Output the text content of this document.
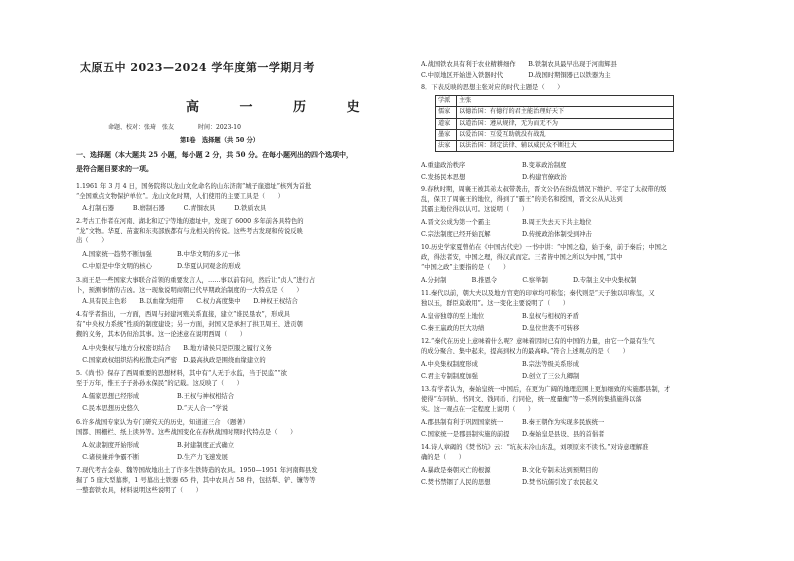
太原五中 2023—2024 学年度第一学期月考
高 一 历 史
命题、校对：张琦　张友　　　　时间：2023-10
第Ⅰ卷　选择题（共 50 分）
一、选择题（本大题共 25 小题，每小题 2 分，共 50 分。在每小题列出的四个选项中，
是符合题目要求的一项。
1.1961 年 3 月 4 日，国务院将以龙山文化命名的山东济南“城子崖遗址”核列为首批
“全国重点文物保护单位”。龙山文化时期，人们使用的主要工具是（　　）
　A.打制石器　　　B.磨制石器　　　C.青铜农具　　　D.铁质农具
2.考古工作者在河南、湖北和辽宁等地的遗址中，发现了 6000 多年前各具特色的
“龙”文物。华夏、苗蛮和东夷部族都有与龙相关的传说。这些考古发现和传说反映
出（　　）
　A.国家统一趋势不断加强　　　　B.中华文明的多元一体
　C.中原是中华文明的核心　　　　D.华夏认同观念的形成
3.商王是一些国家大事联合首领的重要发言人，……事以前有问，然后让“贞人”进行占
卜，预测事情的吉凶。这一现象说明商朝已代早期政治制度的一大特点是（　　）
　A.具有民主色彩　　B.以血缘为纽带　　C.权力高度集中　　D.神权王权结合
4.有学者指出，一方面，西周与封建河殖关系直接，建立“谁民垦农”，形成具
有“中央权力系统”性质的制度建设；另一方面，封国又是承担了拱卫周王、进贡朝
觐的义务，其本仍但治其事。这一论述意在说明西周（　　）
　A.中央集权与地方分权密切结合　　B.地方诸侯只是臣服之履行义务
　C.国家政权组织结构松散走向严密　D.最高执政是围绕血缘建立的
5.《尚书》保存了西周重要的思想材料，其中有“人无于水监，当于民监”“欲
至于万年，惟王子子孙孙永保民”的记载。这反映了（　　）
　A.儒家思想已经形成　　　　　　B.王权与神权相结合
　C.民本思想历史悠久　　　　　　D.“天人合一”学说
6.许多战国专家认为专门研究天的历史，知道道三合　（题著）
国都、围栅栏、纸上读异等。这些战国变化在春秋战国时期时代特点是（　　）
　A.奴隶制度开始形成　　　　　　B.封建制度正式确立
　C.诸侯兼并争霸不断　　　　　　D.生产力飞速发展
7.现代考古金泰、魏等国故地出土了许多生铁铸造的农具。1950—1951 年河南辉县发
掘了 5 座大型墓葬，1 号墓出土铁器 65 件，其中农具占 58 件，包括犁、铲、镰等等
一整套铁农具，材料说明这些说明了（　　）
A.战国铁农具有利于农业精耕细作　　B.铁制农具最早出现于河南辉县
C.中原地区开始进入铁器时代　　　　D.战国时期铜器已以铁器为主
8．下表反映的思想主张对应的时代主题是（　　）
学派	主张
儒家	以德治国：有德行的君主能治理好天下
道家	以道治国：遵从规律，无为而无不为
墨家	以爱治国：互爱互助就没有战乱
法家	以法治国：制定法律、辅以威民众不断壮大
A.重建政治秩序　　　　　　　　　B.变革政治制度
C.发扬民本思想　　　　　　　　　D.构建官僚政治
9.春秋时期，周襄王被其弟太叔带袭击，晋文公仍在纷乱情况下维护、平定了太叔带的叛
乱，保卫了周襄王的地位，得到了“霸王”的美名和授国，晋文公从从达到
其霸主地位得以认可。这说明（　　）
A.晋文公成为第一个霸主　　　　　B.周王失去天下共主地位
C.宗法制度已经开始瓦解　　　　　D.传统政治体制受到冲击
10.历史学家夏曾佑在《中国古代史》一书中讲：“中国之稳，始于秦，前于秦后；中国之
政，得法者安，中国之理，得汉武而定。三者皆中国之所以为中国，”其中
“中国之政”主要指的是（　　）
A.分封制　　　　B.推恩令　　　　C.察举制　　　　D.专制主义中央集权制
11.秦代以前，朝大夫以及地方官吏的印章均可称玺；秦代则是“天子独以印称玺，又
独以玉，群臣莫敢用”。这一变化主要说明了（　　）
A.皇帝独尊的至上地位　　　　　　B.皇权与相权的矛盾
C.秦王嬴政的巨大功绩　　　　　　D.皇位世袭不可转移
12.“秦代在历史上意味着什么呢？意味着因时已有的中国的力量，由它一个最有生气
的成分聚合、集中起来，提高到权力的最高峰。”符合上述观点的是（　　）
A.中央集权制度形成　　　　　　　B.宗法等级关系形成
C.君主专制制度加强　　　　　　　D.创立了三公九卿制
13.有学者认为，秦始皇统一中国后，在更为广阔的地理范围上更加细致的实施郡县制，才
使得“车同轨、书同文、钱同币、行同伦，统一度量衡”等一系列的集措施得以落
实。这一观点在一定程度上说明（　　）
A.郡县制有利于巩固国家统一　　　B.秦王朝作为实现多民族统一
C.国家统一是郡县制实施的前提　　D.秦始皇是县设、县的首倡者
14.诗人章碣的《焚书坑》云：“坑灰未冷山东乱，刘项原来不读书。”对诗意理解准
确的是（　　）
A.暴政是秦朝灭亡的根源　　　　　B.文化专制未达到预期目的
C.焚书禁锢了人民的思想　　　　　D.焚书坑儒引发了农民起义
